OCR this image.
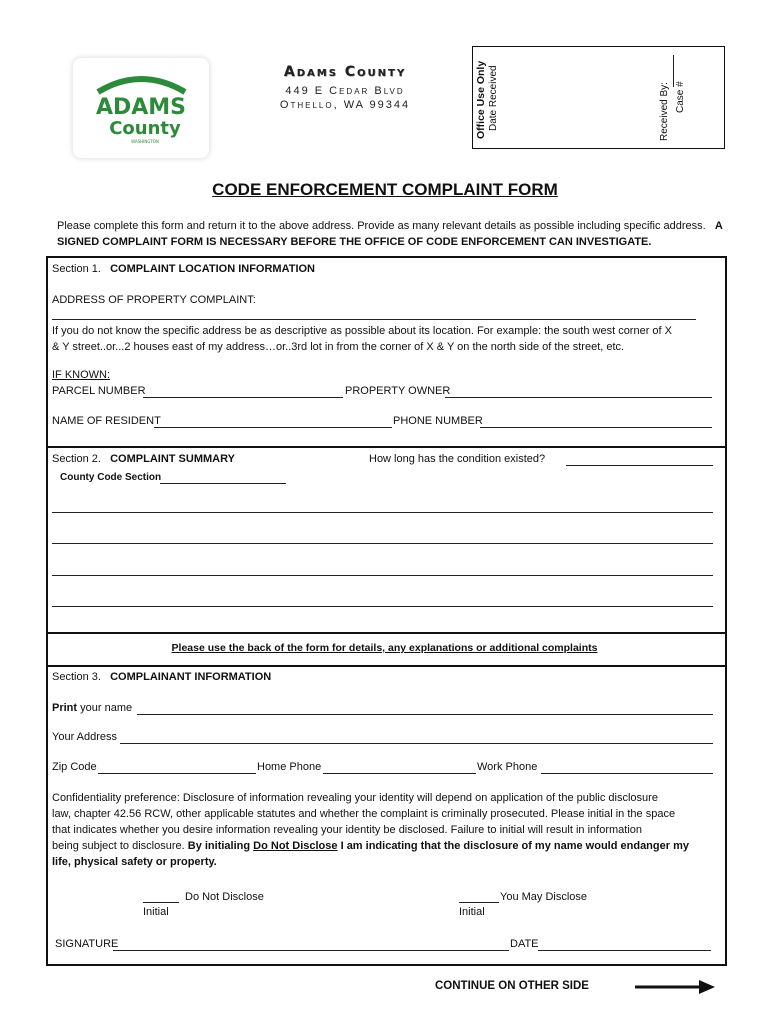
ADAMS
County
WASHINGTON
Adams County
449 E Cedar Blvd
Othello, WA 99344	Office Use Only Date Received	Received By: Case #
CODE ENFORCEMENT COMPLAINT FORM
Please complete this form and return it to the above address. Provide as many relevant details as possible including specific address. A SIGNED COMPLAINT FORM IS NECESSARY BEFORE THE OFFICE OF CODE ENFORCEMENT CAN INVESTIGATE.
Section 1. COMPLAINT LOCATION INFORMATION
ADDRESS OF PROPERTY COMPLAINT:
If you do not know the specific address be as descriptive as possible about its location. For example: the south west corner of X
& Y street..or...2 houses east of my address…or..3rd lot in from the corner of X & Y on the north side of the street, etc.
IF KNOWN:
PARCEL NUMBER	PROPERTY OWNER
NAME OF RESIDENT	PHONE NUMBER
Section 2. COMPLAINT SUMMARY	How long has the condition existed?
County Code Section
Please use the back of the form for details, any explanations or additional complaints
Section 3. COMPLAINANT INFORMATION
Print your name
Your Address
Zip Code	Home Phone	Work Phone
Confidentiality preference: Disclosure of information revealing your identity will depend on application of the public disclosure
law, chapter 42.56 RCW, other applicable statutes and whether the complaint is criminally prosecuted. Please initial in the space
that indicates whether you desire information revealing your identity be disclosed. Failure to initial will result in information
being subject to disclosure. By initialing Do Not Disclose I am indicating that the disclosure of my name would endanger my
life, physical safety or property.
Do Not Disclose
Initial
You May Disclose
Initial
SIGNATURE	DATE
CONTINUE ON OTHER SIDE
